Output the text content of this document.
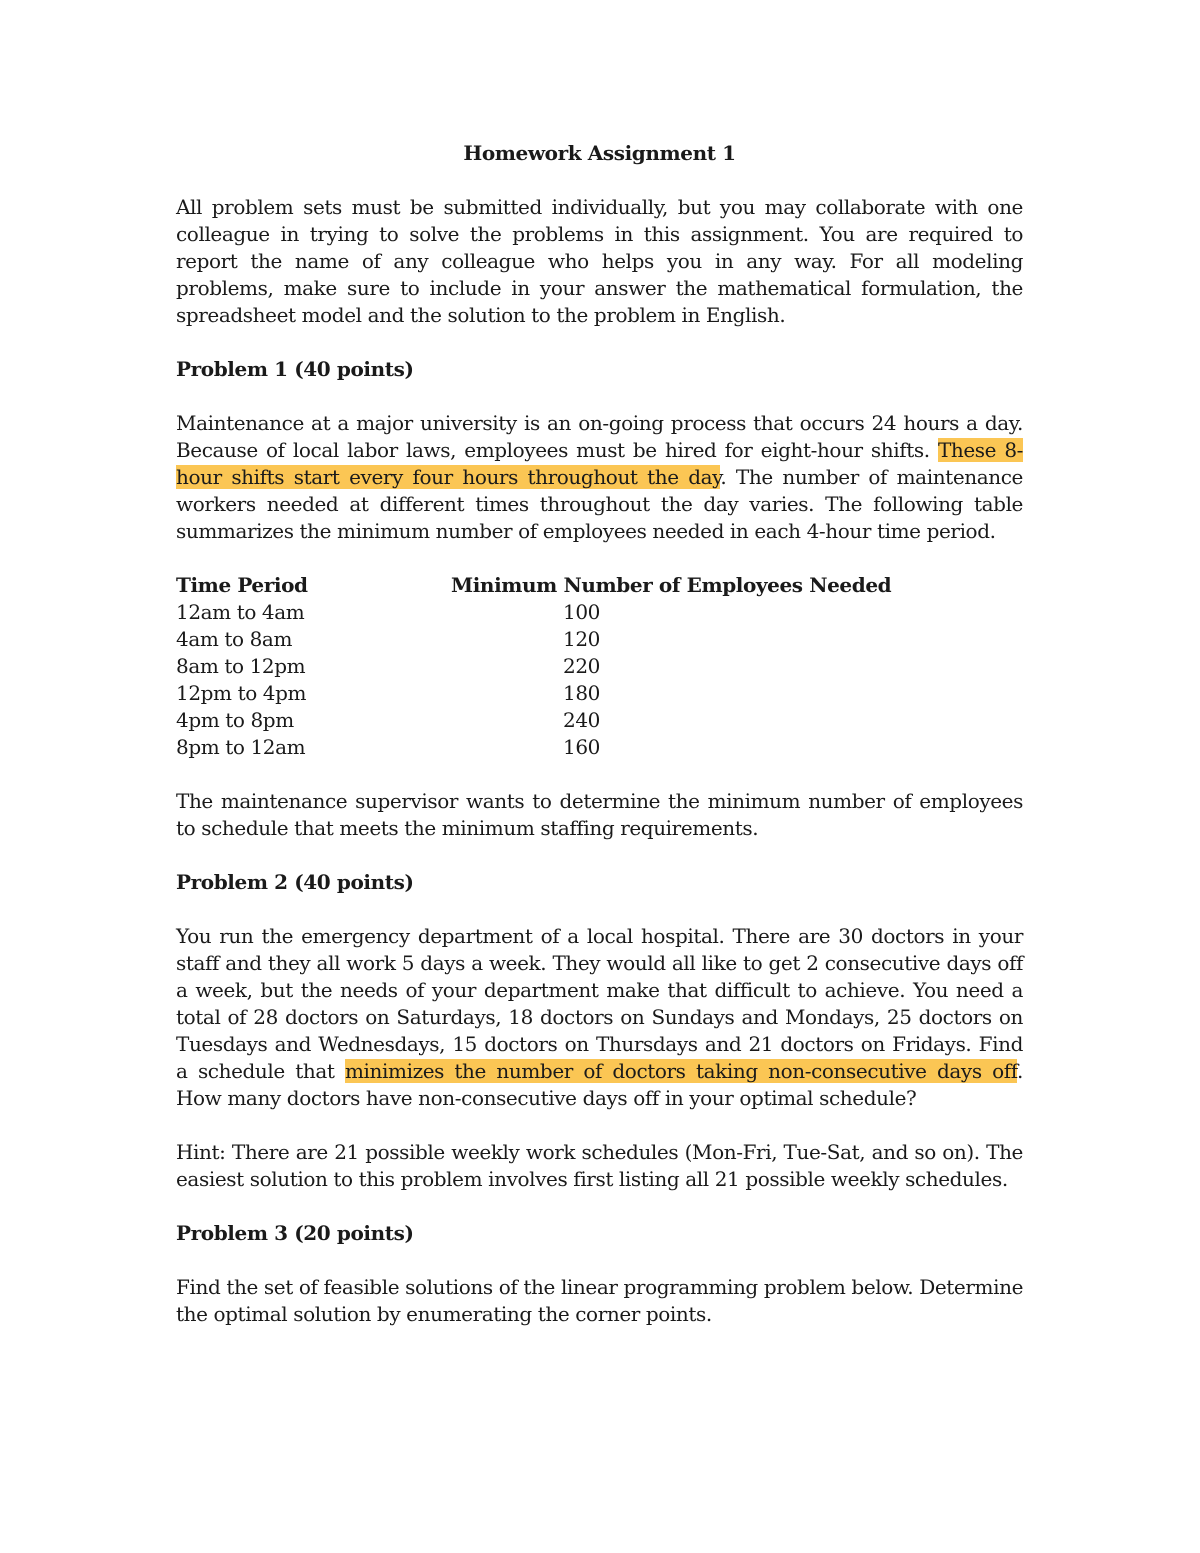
Homework Assignment 1
All problem sets must be submitted individually, but you may collaborate with one colleague in trying to solve the problems in this assignment. You are required to report the name of any colleague who helps you in any way. For all modeling problems, make sure to include in your answer the mathematical formulation, the spreadsheet model and the solution to the problem in English.
Problem 1 (40 points)
Maintenance at a major university is an on-going process that occurs 24 hours a day. Because of local labor laws, employees must be hired for eight-hour shifts. These 8-hour shifts start every four hours throughout the day. The number of maintenance workers needed at different times throughout the day varies. The following table summarizes the minimum number of employees needed in each 4-hour time period.
Time Period	Minimum Number of Employees Needed
12am to 4am	100
4am to 8am	120
8am to 12pm	220
12pm to 4pm	180
4pm to 8pm	240
8pm to 12am	160
The maintenance supervisor wants to determine the minimum number of employees to schedule that meets the minimum staffing requirements.
Problem 2 (40 points)
You run the emergency department of a local hospital. There are 30 doctors in your staff and they all work 5 days a week. They would all like to get 2 consecutive days off a week, but the needs of your department make that difficult to achieve. You need a total of 28 doctors on Saturdays, 18 doctors on Sundays and Mondays, 25 doctors on Tuesdays and Wednesdays, 15 doctors on Thursdays and 21 doctors on Fridays. Find a schedule that minimizes the number of doctors taking non-consecutive days off. How many doctors have non-consecutive days off in your optimal schedule?
Hint: There are 21 possible weekly work schedules (Mon-Fri, Tue-Sat, and so on). The easiest solution to this problem involves first listing all 21 possible weekly schedules.
Problem 3 (20 points)
Find the set of feasible solutions of the linear programming problem below. Determine the optimal solution by enumerating the corner points.
